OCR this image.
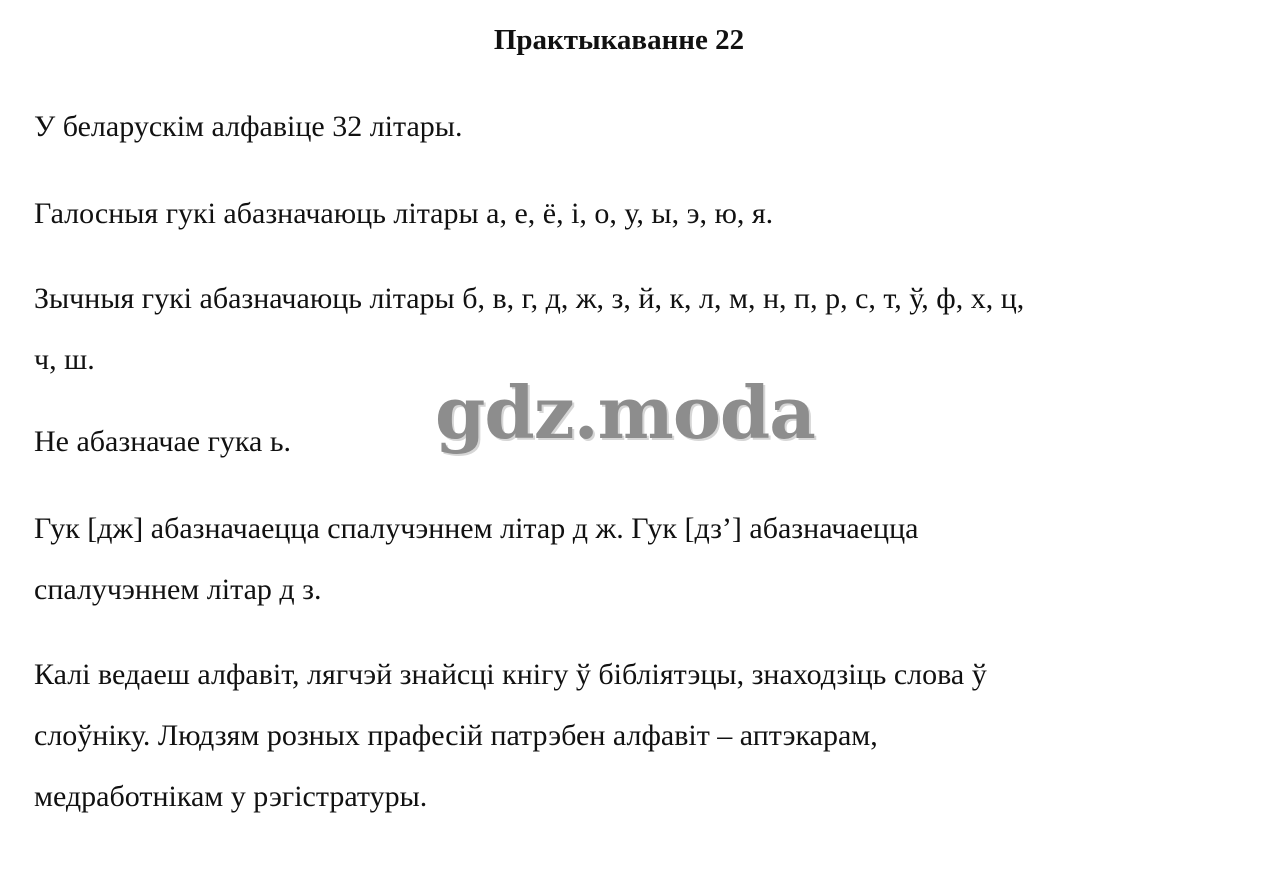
Практыкаванне 22

У беларускім алфавіце 32 літары.

Галосныя гукі абазначаюць літары а, е, ё, і, о, у, ы, э, ю, я.

Зычныя гукі абазначаюць літары б, в, г, д, ж, з, й, к, л, м, н, п, р, с, т, ў, ф, х, ц,
ч, ш.

Не абазначае гука ь.

Гук [дж] абазначаецца спалучэннем літар д ж. Гук [дз’] абазначаецца
спалучэннем літар д з.

Калі ведаеш алфавіт, лягчэй знайсці кнігу ў бібліятэцы, знаходзіць слова ў
слоўніку. Людзям розных прафесій патрэбен алфавіт – аптэкарам,
медработнікам у рэгістратуры.

gdz.moda
